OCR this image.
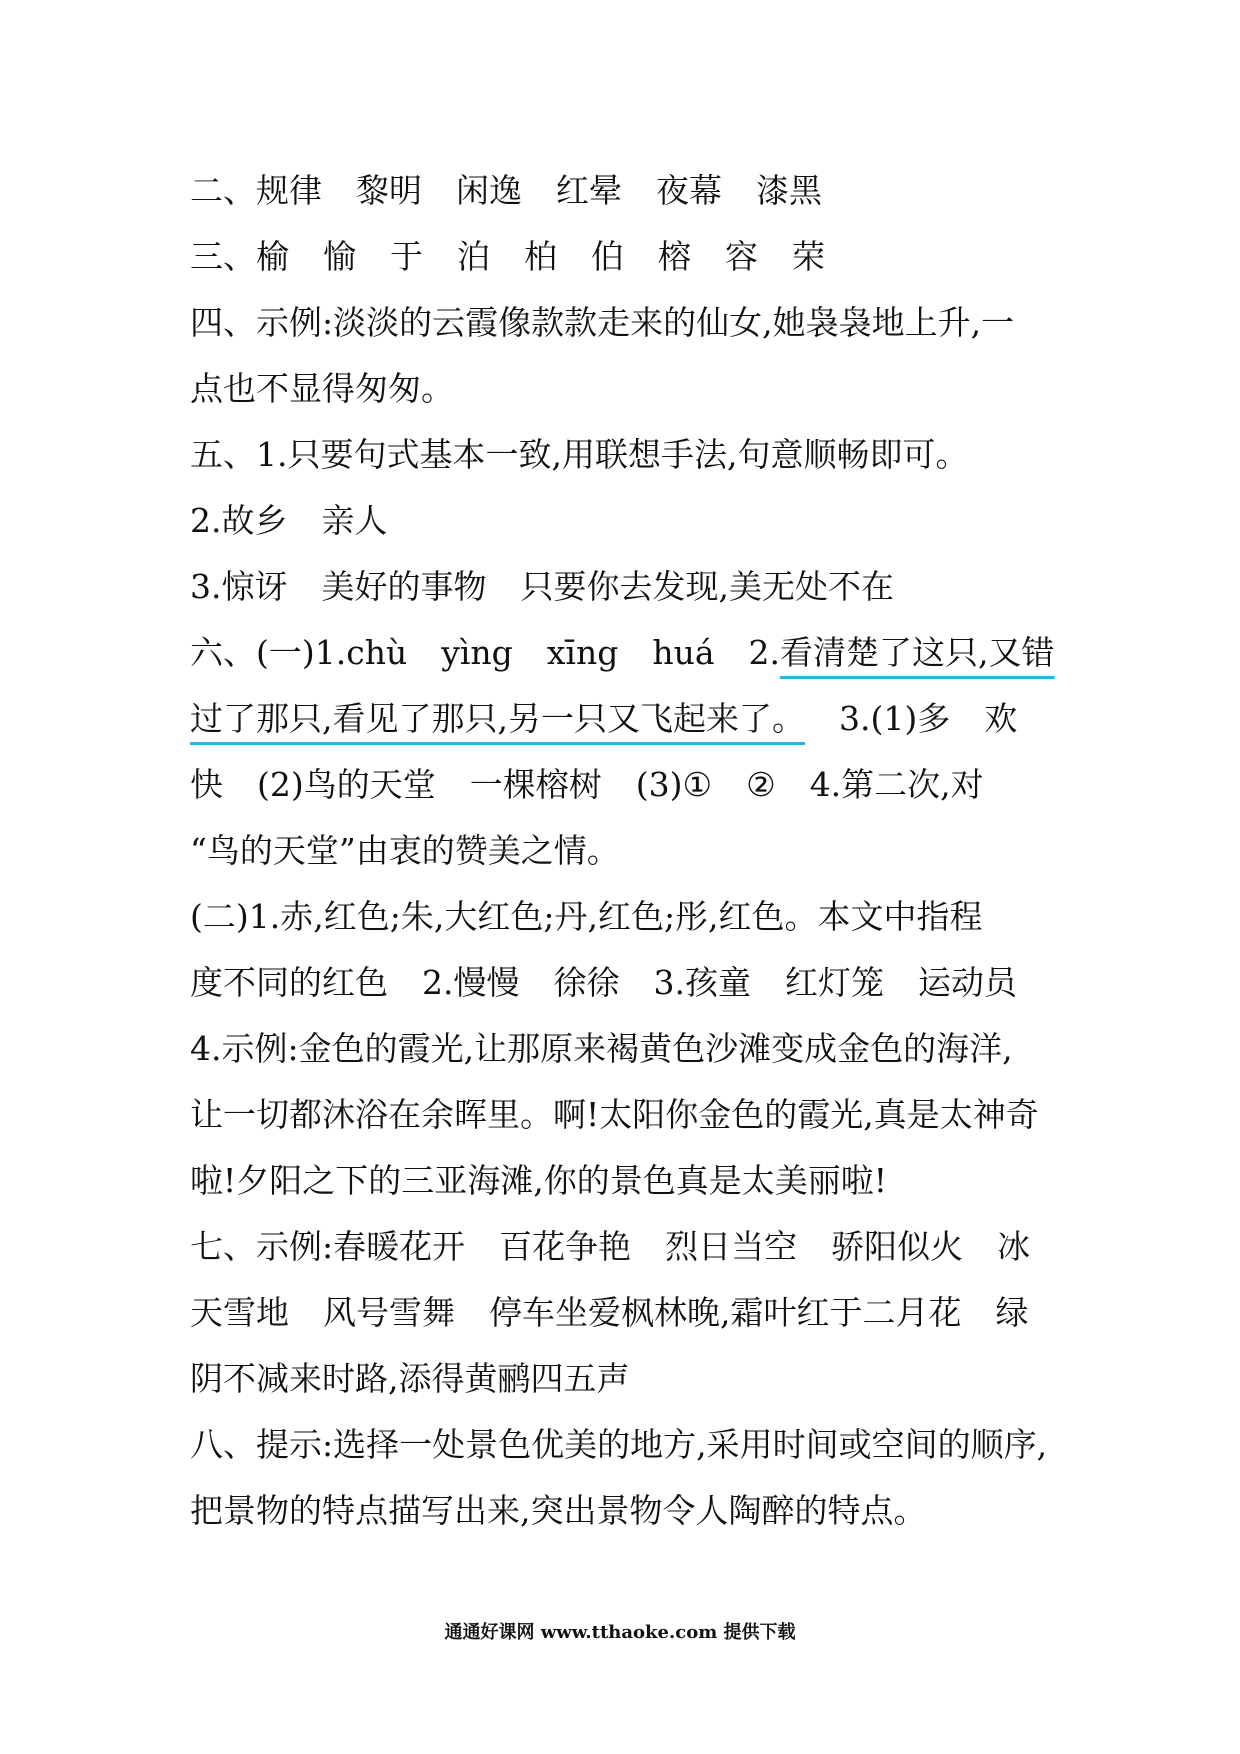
二、规律 黎明 闲逸 红晕 夜幕 漆黑
三、榆 愉 于 泊 柏 伯 榕 容 荣
四、示例:淡淡的云霞像款款走来的仙女,她袅袅地上升,一
点也不显得匆匆。
五、1.只要句式基本一致,用联想手法,句意顺畅即可。
2.故乡 亲人
3.惊讶 美好的事物 只要你去发现,美无处不在
六、(一)1.chù yìng xīng huá 2.看清楚了这只,又错
过了那只,看见了那只,另一只又飞起来了。 3.(1)多 欢
快 (2)鸟的天堂 一棵榕树 (3)① ② 4.第二次,对
“鸟的天堂”由衷的赞美之情。
(二)1.赤,红色;朱,大红色;丹,红色;彤,红色。本文中指程
度不同的红色 2.慢慢 徐徐 3.孩童 红灯笼 运动员
4.示例:金色的霞光,让那原来褐黄色沙滩变成金色的海洋,
让一切都沐浴在余晖里。啊!太阳你金色的霞光,真是太神奇
啦!夕阳之下的三亚海滩,你的景色真是太美丽啦!
七、示例:春暖花开 百花争艳 烈日当空 骄阳似火 冰
天雪地 风号雪舞 停车坐爱枫林晚,霜叶红于二月花 绿
阴不减来时路,添得黄鹂四五声
八、提示:选择一处景色优美的地方,采用时间或空间的顺序,
把景物的特点描写出来,突出景物令人陶醉的特点。
通通好课网 www.tthaoke.com 提供下载
